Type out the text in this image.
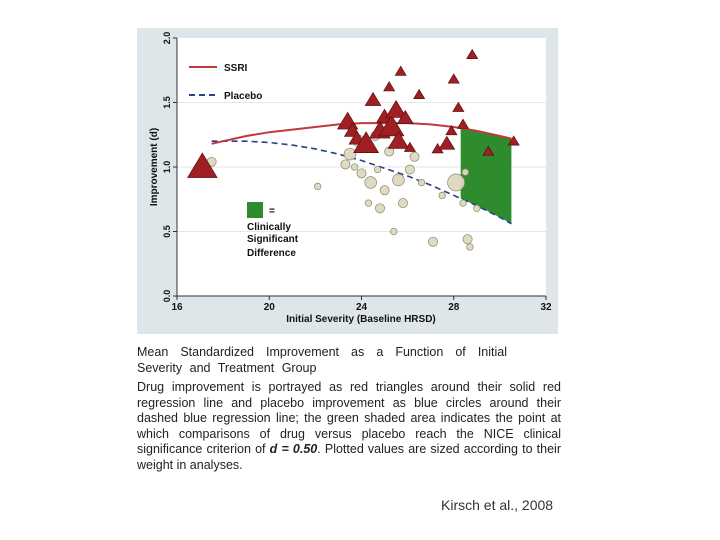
16	20	24	28	32
0.0
0.5
1.0
1.5
2.0
SSRI
Placebo
=
Clinically
Significant
Difference
Initial Severity (Baseline HRSD)
Improvement (d)

Mean Standardized Improvement as a Function of Initial Severity and Treatment Group

Drug improvement is portrayed as red triangles around their solid red regression line and placebo improvement as blue circles around their dashed blue regression line; the green shaded area indicates the point at which comparisons of drug versus placebo reach the NICE clinical significance criterion of d = 0.50. Plotted values are sized according to their weight in analyses.

Kirsch et al., 2008
